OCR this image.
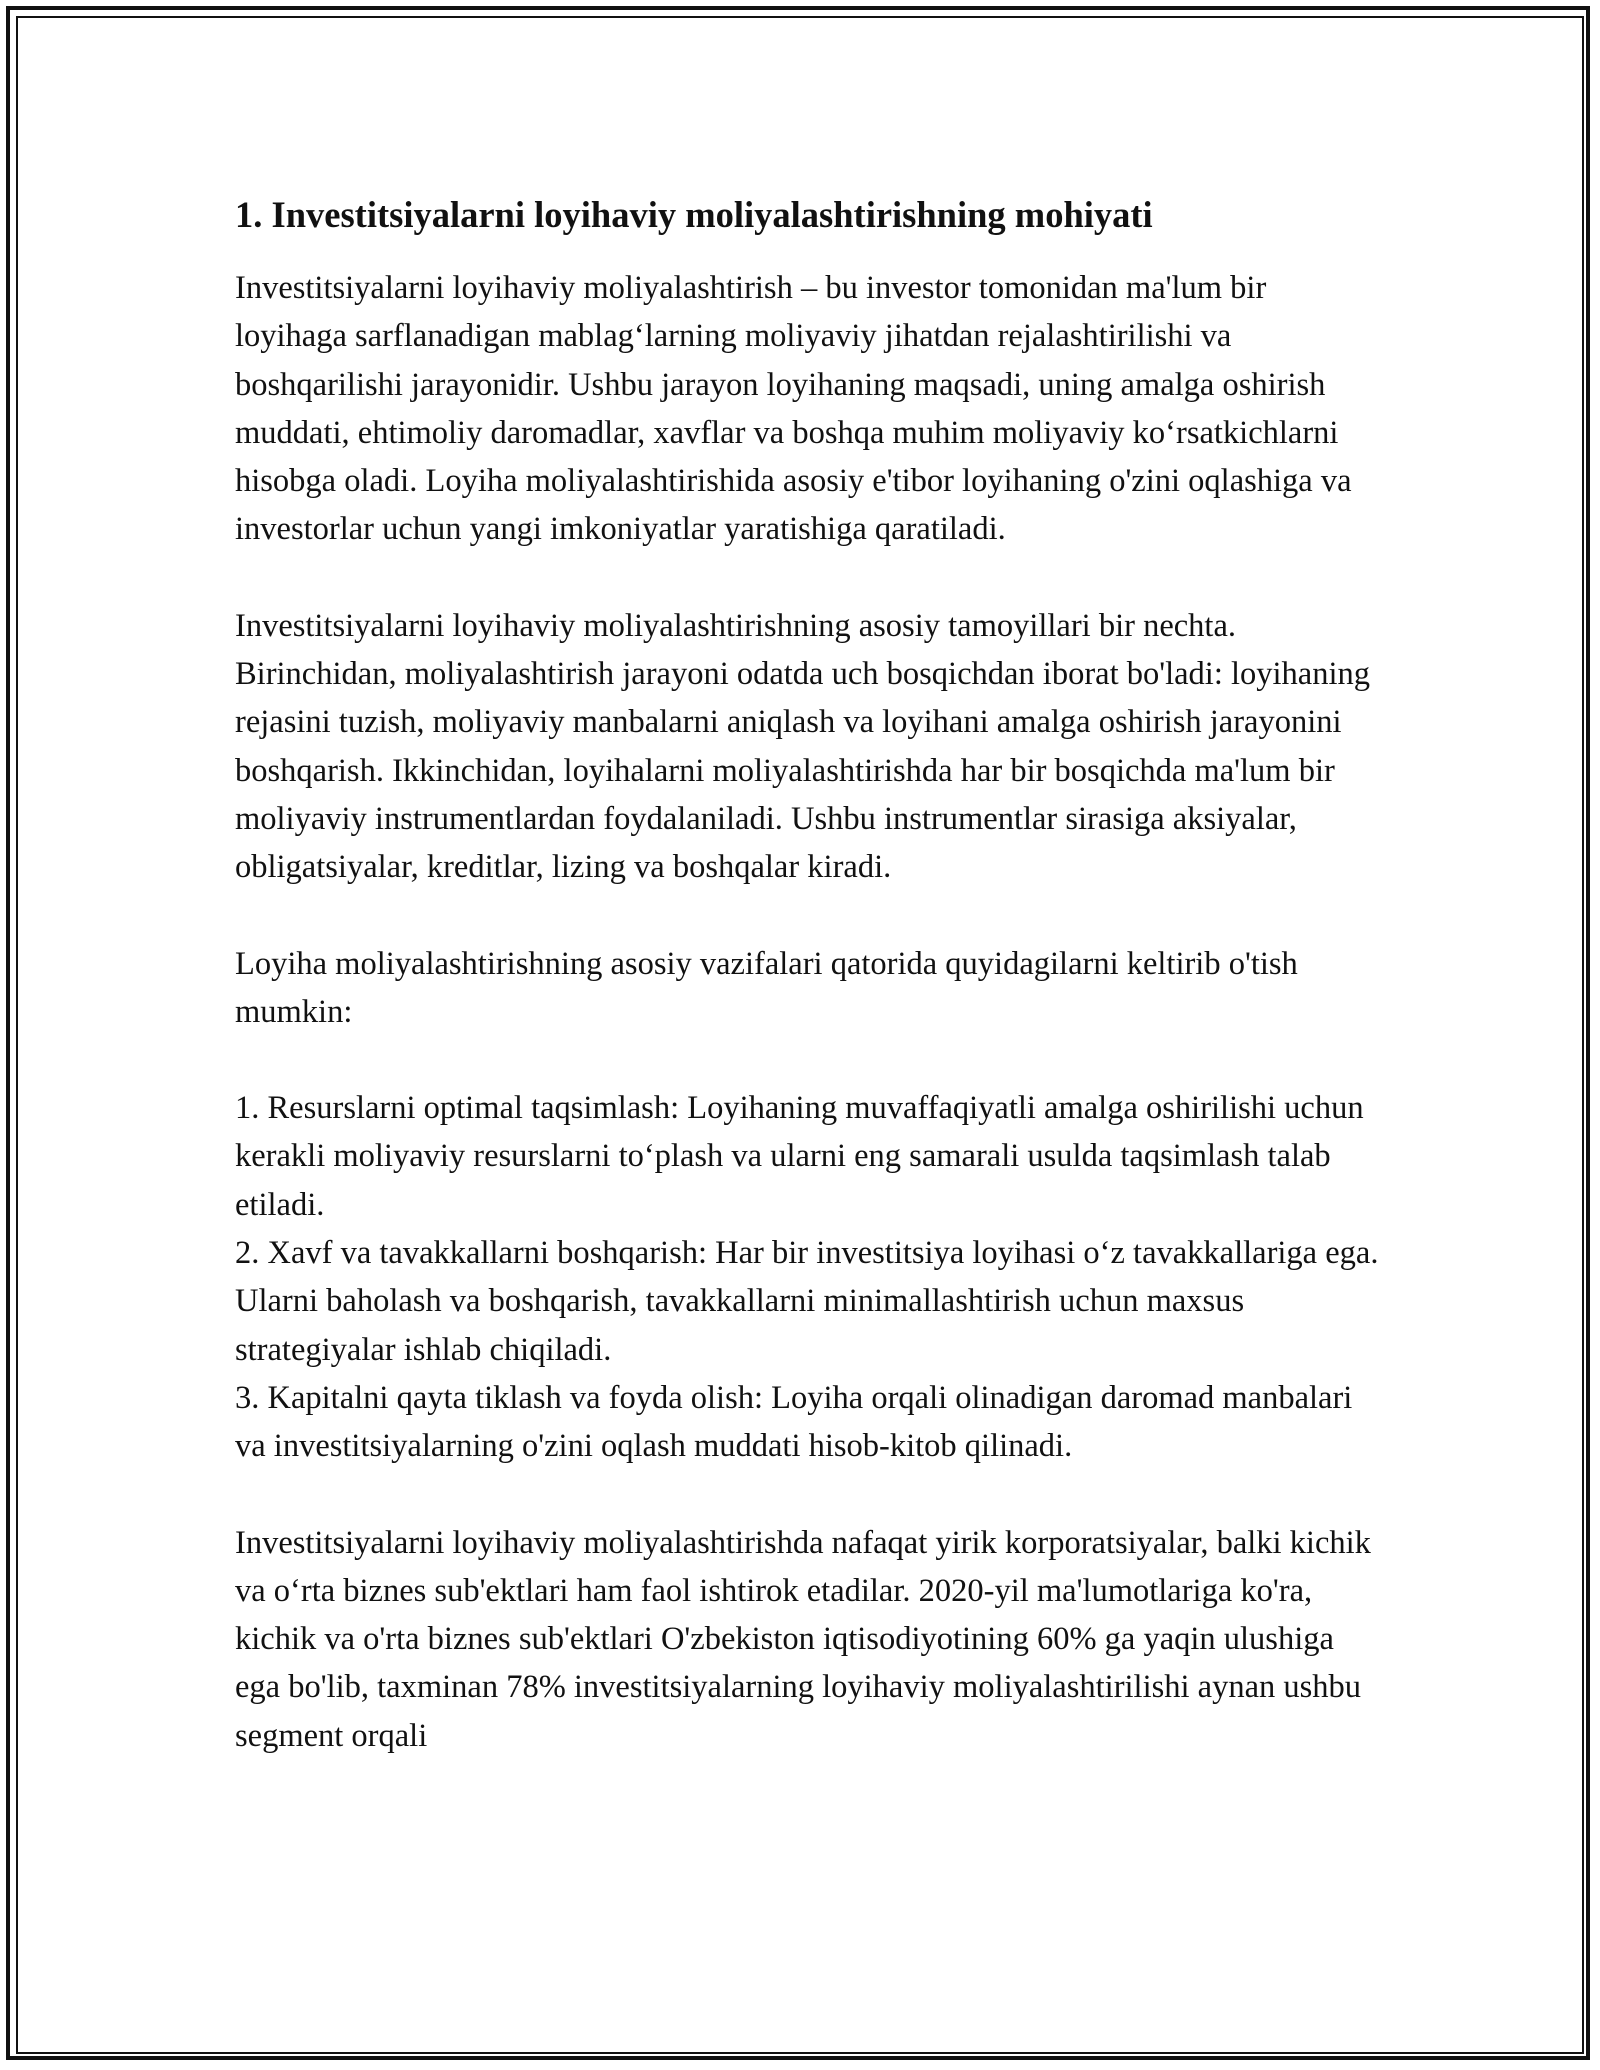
1. Investitsiyalarni loyihaviy moliyalashtirishning mohiyati

Investitsiyalarni loyihaviy moliyalashtirish – bu investor tomonidan ma'lum bir loyihaga sarflanadigan mablag‘larning moliyaviy jihatdan rejalashtirilishi va boshqarilishi jarayonidir. Ushbu jarayon loyihaning maqsadi, uning amalga oshirish muddati, ehtimoliy daromadlar, xavflar va boshqa muhim moliyaviy ko‘rsatkichlarni hisobga oladi. Loyiha moliyalashtirishida asosiy e'tibor loyihaning o'zini oqlashiga va investorlar uchun yangi imkoniyatlar yaratishiga qaratiladi.

Investitsiyalarni loyihaviy moliyalashtirishning asosiy tamoyillari bir nechta. Birinchidan, moliyalashtirish jarayoni odatda uch bosqichdan iborat bo'ladi: loyihaning rejasini tuzish, moliyaviy manbalarni aniqlash va loyihani amalga oshirish jarayonini boshqarish. Ikkinchidan, loyihalarni moliyalashtirishda har bir bosqichda ma'lum bir moliyaviy instrumentlardan foydalaniladi. Ushbu instrumentlar sirasiga aksiyalar, obligatsiyalar, kreditlar, lizing va boshqalar kiradi.

Loyiha moliyalashtirishning asosiy vazifalari qatorida quyidagilarni keltirib o'tish mumkin:

1. Resurslarni optimal taqsimlash: Loyihaning muvaffaqiyatli amalga oshirilishi uchun kerakli moliyaviy resurslarni to‘plash va ularni eng samarali usulda taqsimlash talab etiladi.

2. Xavf va tavakkallarni boshqarish: Har bir investitsiya loyihasi o‘z tavakkallariga ega. Ularni baholash va boshqarish, tavakkallarni minimallashtirish uchun maxsus strategiyalar ishlab chiqiladi.

3. Kapitalni qayta tiklash va foyda olish: Loyiha orqali olinadigan daromad manbalari va investitsiyalarning o'zini oqlash muddati hisob-kitob qilinadi.

Investitsiyalarni loyihaviy moliyalashtirishda nafaqat yirik korporatsiyalar, balki kichik va o‘rta biznes sub'ektlari ham faol ishtirok etadilar. 2020-yil ma'lumotlariga ko'ra, kichik va o'rta biznes sub'ektlari O'zbekiston iqtisodiyotining 60% ga yaqin ulushiga ega bo'lib, taxminan 78% investitsiyalarning loyihaviy moliyalashtirilishi aynan ushbu segment orqali
